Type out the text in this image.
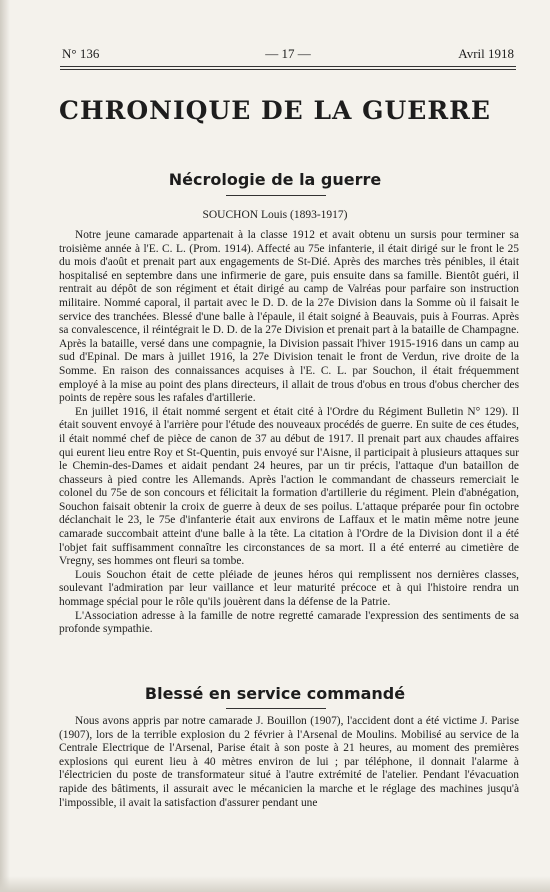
N° 136	— 17 —	Avril 1918
CHRONIQUE DE LA GUERRE
Nécrologie de la guerre
SOUCHON Louis (1893-1917)

Notre jeune camarade appartenait à la classe 1912 et avait obtenu un sursis pour terminer sa troisième année à l'E. C. L. (Prom. 1914). Affecté au 75e infanterie, il était dirigé sur le front le 25 du mois d'août et prenait part aux engagements de St-Dié. Après des marches très pénibles, il était hospitalisé en septembre dans une infirmerie de gare, puis ensuite dans sa famille. Bientôt guéri, il rentrait au dépôt de son régiment et était dirigé au camp de Valréas pour parfaire son instruction militaire. Nommé caporal, il partait avec le D. D. de la 27e Division dans la Somme où il faisait le service des tranchées. Blessé d'une balle à l'épaule, il était soigné à Beauvais, puis à Fourras. Après sa convalescence, il réintégrait le D. D. de la 27e Division et prenait part à la bataille de Champagne. Après la bataille, versé dans une compagnie, la Division passait l'hiver 1915-1916 dans un camp au sud d'Epinal. De mars à juillet 1916, la 27e Division tenait le front de Verdun, rive droite de la Somme. En raison des connaissances acquises à l'E. C. L. par Souchon, il était fréquemment employé à la mise au point des plans directeurs, il allait de trous d'obus en trous d'obus chercher des points de repère sous les rafales d'artillerie.

En juillet 1916, il était nommé sergent et était cité à l'Ordre du Régiment Bulletin N° 129). Il était souvent envoyé à l'arrière pour l'étude des nouveaux procédés de guerre. En suite de ces études, il était nommé chef de pièce de canon de 37 au début de 1917. Il prenait part aux chaudes affaires qui eurent lieu entre Roy et St-Quentin, puis envoyé sur l'Aisne, il participait à plusieurs attaques sur le Chemin-des-Dames et aidait pendant 24 heures, par un tir précis, l'attaque d'un bataillon de chasseurs à pied contre les Allemands. Après l'action le commandant de chasseurs remerciait le colonel du 75e de son concours et félicitait la formation d'artillerie du régiment. Plein d'abnégation, Souchon faisait obtenir la croix de guerre à deux de ses poilus. L'attaque préparée pour fin octobre déclanchait le 23, le 75e d'infanterie était aux environs de Laffaux et le matin même notre jeune camarade succombait atteint d'une balle à la tête. La citation à l'Ordre de la Division dont il a été l'objet fait suffisamment connaître les circonstances de sa mort. Il a été enterré au cimetière de Vregny, ses hommes ont fleuri sa tombe.

Louis Souchon était de cette pléiade de jeunes héros qui remplissent nos dernières classes, soulevant l'admiration par leur vaillance et leur maturité précoce et à qui l'histoire rendra un hommage spécial pour le rôle qu'ils jouèrent dans la défense de la Patrie.

L'Association adresse à la famille de notre regretté camarade l'expression des sentiments de sa profonde sympathie.

Blessé en service commandé

Nous avons appris par notre camarade J. Bouillon (1907), l'accident dont a été victime J. Parise (1907), lors de la terrible explosion du 2 février à l'Arsenal de Moulins. Mobilisé au service de la Centrale Electrique de l'Arsenal, Parise était à son poste à 21 heures, au moment des premières explosions qui eurent lieu à 40 mètres environ de lui ; par téléphone, il donnait l'alarme à l'électricien du poste de transformateur situé à l'autre extrémité de l'atelier. Pendant l'évacuation rapide des bâtiments, il assurait avec le mécanicien la marche et le réglage des machines jusqu'à l'impossible, il avait la satisfaction d'assurer pendant une
